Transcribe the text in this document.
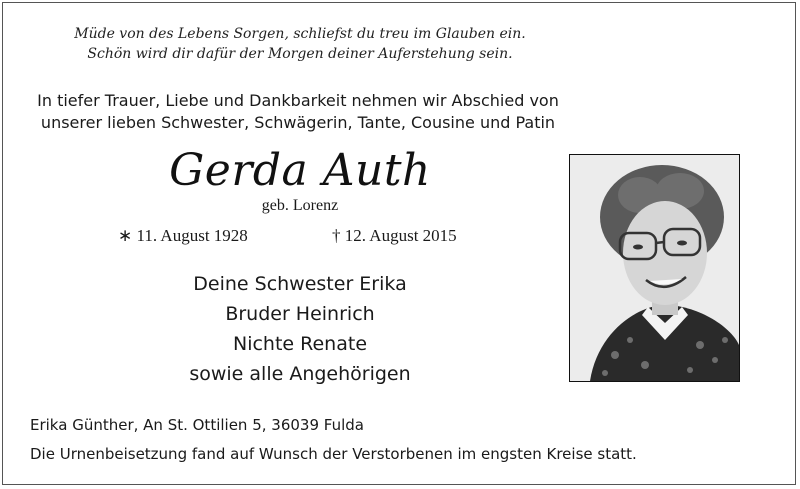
Müde von des Lebens Sorgen, schliefst du treu im Glauben ein.
Schön wird dir dafür der Morgen deiner Auferstehung sein.
In tiefer Trauer, Liebe und Dankbarkeit nehmen wir Abschied von
unserer lieben Schwester, Schwägerin, Tante, Cousine und Patin
Gerda Auth
geb. Lorenz
∗ 11. August 1928	† 12. August 2015
Deine Schwester Erika
Bruder Heinrich
Nichte Renate
sowie alle Angehörigen
Erika Günther, An St. Ottilien 5, 36039 Fulda
Die Urnenbeisetzung fand auf Wunsch der Verstorbenen im engsten Kreise statt.
